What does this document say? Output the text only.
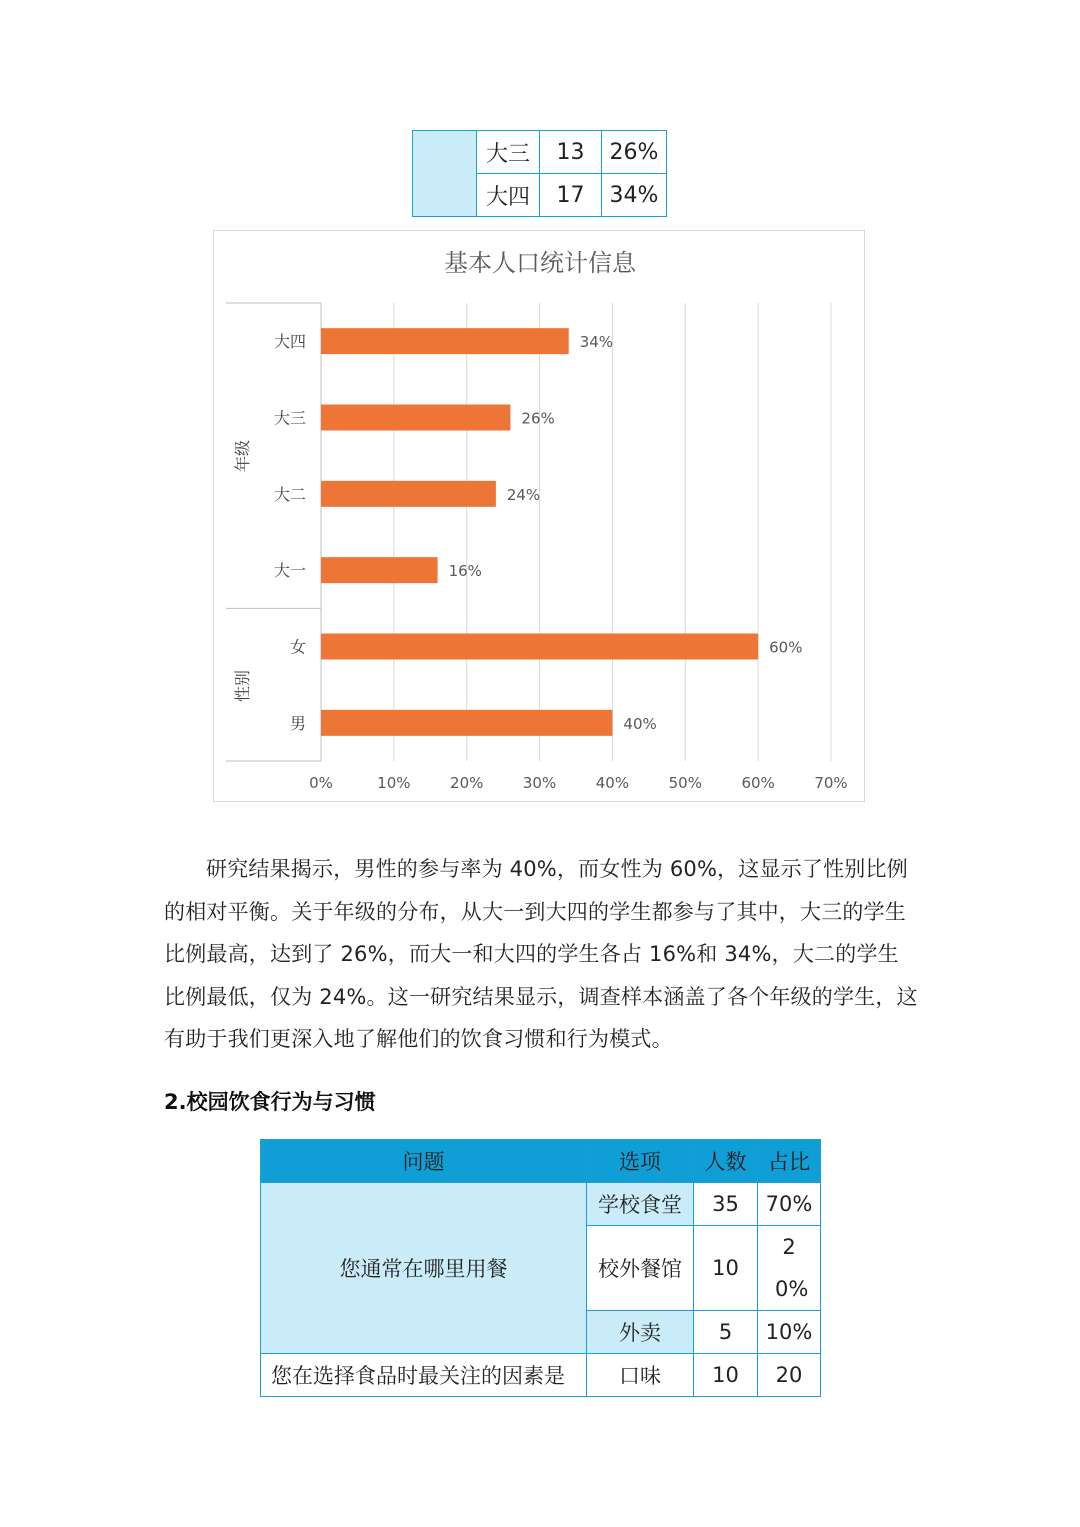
	大三	13	26%
	大四	17	34%
基本人口统计信息
年级
性别
0%	10%	20%	30%	40%	50%	60%	70%
男	40%
女	60%
大一	16%
大二	24%
大三	26%
大四	34%

研究结果揭示，男性的参与率为 40%，而女性为 60%，这显示了性别比例的相对平衡。关于年级的分布，从大一到大四的学生都参与了其中，大三的学生比例最高，达到了 26%，而大一和大四的学生各占 16%和 34%，大二的学生比例最低，仅为 24%。这一研究结果显示，调查样本涵盖了各个年级的学生，这有助于我们更深入地了解他们的饮食习惯和行为模式。

2.校园饮食行为与习惯
问题	选项	人数	占比
您通常在哪里用餐	学校食堂	35	70%
	校外餐馆	10	20%
	外卖	5	10%
您在选择食品时最关注的因素是	口味	10	20
